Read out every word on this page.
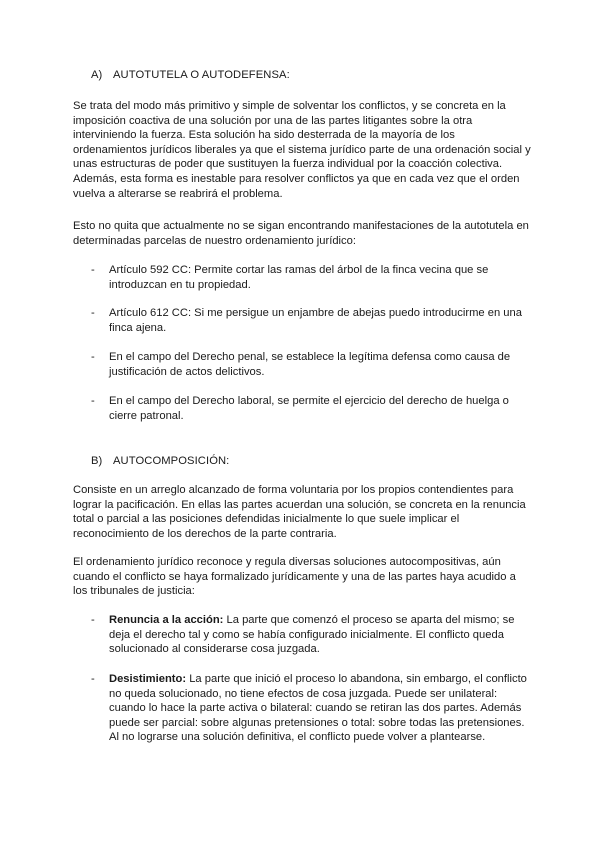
A) AUTOTUTELA O AUTODEFENSA:
Se trata del modo más primitivo y simple de solventar los conflictos, y se concreta en la imposición coactiva de una solución por una de las partes litigantes sobre la otra interviniendo la fuerza. Esta solución ha sido desterrada de la mayoría de los ordenamientos jurídicos liberales ya que el sistema jurídico parte de una ordenación social y unas estructuras de poder que sustituyen la fuerza individual por la coacción colectiva. Además, esta forma es inestable para resolver conflictos ya que en cada vez que el orden vuelva a alterarse se reabrirá el problema.
Esto no quita que actualmente no se sigan encontrando manifestaciones de la autotutela en determinadas parcelas de nuestro ordenamiento jurídico:
- Artículo 592 CC: Permite cortar las ramas del árbol de la finca vecina que se introduzcan en tu propiedad.
- Artículo 612 CC: Si me persigue un enjambre de abejas puedo introducirme en una finca ajena.
- En el campo del Derecho penal, se establece la legítima defensa como causa de justificación de actos delictivos.
- En el campo del Derecho laboral, se permite el ejercicio del derecho de huelga o cierre patronal.
B) AUTOCOMPOSICIÓN:
Consiste en un arreglo alcanzado de forma voluntaria por los propios contendientes para lograr la pacificación. En ellas las partes acuerdan una solución, se concreta en la renuncia total o parcial a las posiciones defendidas inicialmente lo que suele implicar el reconocimiento de los derechos de la parte contraria.
El ordenamiento jurídico reconoce y regula diversas soluciones autocompositivas, aún cuando el conflicto se haya formalizado jurídicamente y una de las partes haya acudido a los tribunales de justicia:
- Renuncia a la acción: La parte que comenzó el proceso se aparta del mismo; se deja el derecho tal y como se había configurado inicialmente. El conflicto queda solucionado al considerarse cosa juzgada.
- Desistimiento: La parte que inició el proceso lo abandona, sin embargo, el conflicto no queda solucionado, no tiene efectos de cosa juzgada. Puede ser unilateral: cuando lo hace la parte activa o bilateral: cuando se retiran las dos partes. Además puede ser parcial: sobre algunas pretensiones o total: sobre todas las pretensiones. Al no lograrse una solución definitiva, el conflicto puede volver a plantearse.
